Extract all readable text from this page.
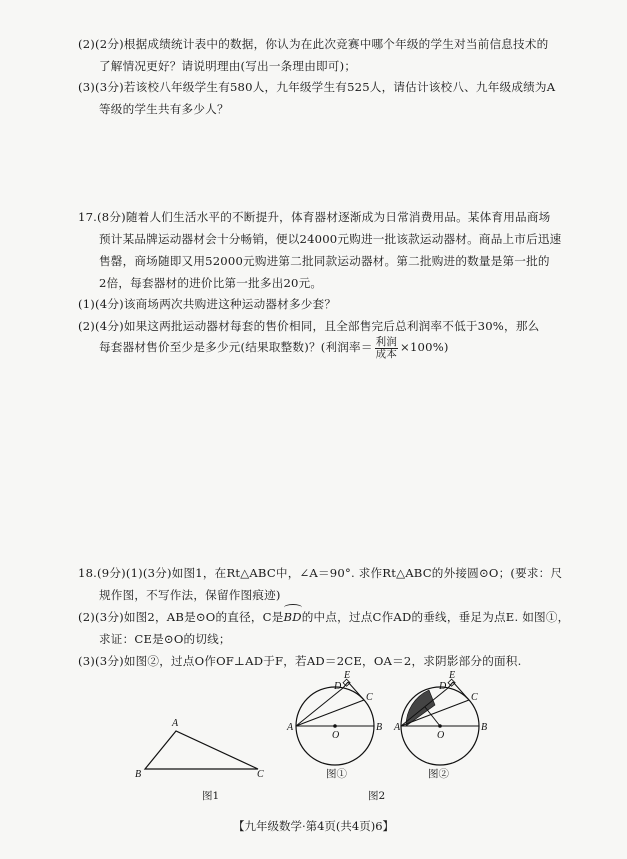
(2)(2分)根据成绩统计表中的数据，你认为在此次竞赛中哪个年级的学生对当前信息技术的
了解情况更好？请说明理由(写出一条理由即可)；
(3)(3分)若该校八年级学生有580人，九年级学生有525人，请估计该校八、九年级成绩为A
等级的学生共有多少人？
17.(8分)随着人们生活水平的不断提升，体育器材逐渐成为日常消费用品。某体育用品商场
预计某品牌运动器材会十分畅销，便以24000元购进一批该款运动器材。商品上市后迅速
售罄，商场随即又用52000元购进第二批同款运动器材。第二批购进的数量是第一批的
2倍，每套器材的进价比第一批多出20元。
(1)(4分)该商场两次共购进这种运动器材多少套？
(2)(4分)如果这两批运动器材每套的售价相同，且全部售完后总利润率不低于30%，那么
每套器材售价至少是多少元(结果取整数)？(利润率＝ $\frac{\text{利润}}{\text{成本}} \times 100\%$)
18.(9分)(1)(3分)如图1，在Rt△ABC中，∠A＝90°. 求作Rt△ABC的外接圆⊙O；(要求：尺
规作图，不写作法，保留作图痕迹)
(2)(3分)如图2，AB是⊙O的直径，C是
BD的中点，过点C作AD的垂线，垂足为点E. 如图①，
求证：CE是⊙O的切线；
(3)(3分)如图②，过点O作OF⊥AD于F，若AD＝2CE，OA＝2，求阴影部分的面积.
A
B	C
图1
D
E
C
A
O
B
图①
D
E
C
A
O
B
图②
图2
【九年级数学·第4页(共4页)6】
